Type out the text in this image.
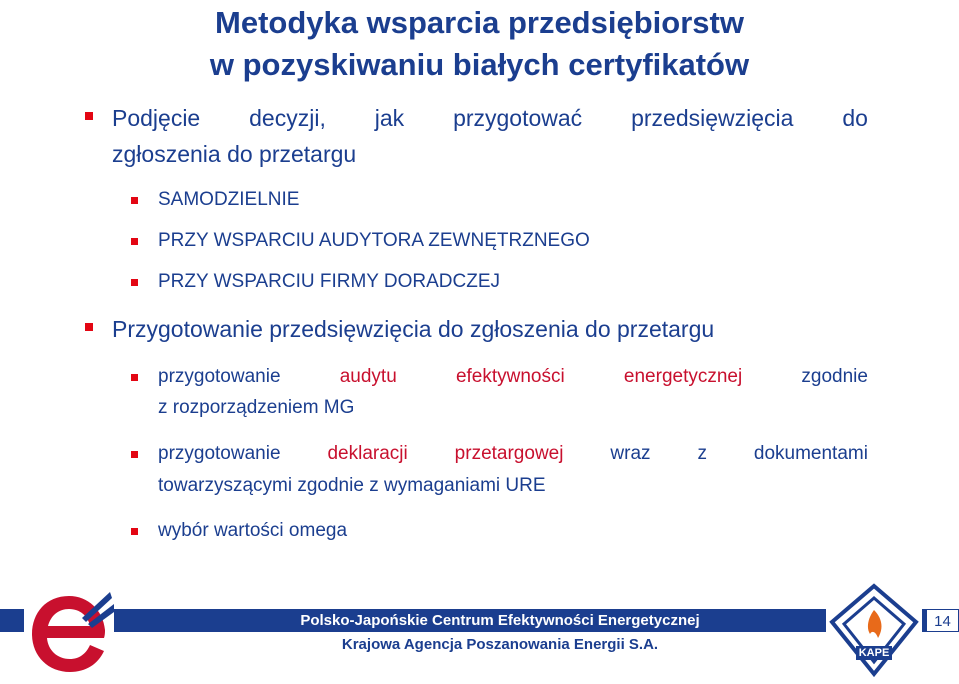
Metodyka wsparcia przedsiębiorstw
w pozyskiwaniu białych certyfikatów
Podjęcie decyzji, jak przygotować przedsięwzięcia do
zgłoszenia do przetargu
SAMODZIELNIE
PRZY WSPARCIU AUDYTORA ZEWNĘTRZNEGO
PRZY WSPARCIU FIRMY DORADCZEJ
Przygotowanie przedsięwzięcia do zgłoszenia do przetargu
przygotowanie	audytu	efektywności	energetycznej	zgodnie
z rozporządzeniem MG
przygotowanie deklaracji przetargowej wraz z dokumentami
towarzyszącymi zgodnie z wymaganiami URE
wybór wartości omega
Polsko-Japońskie Centrum Efektywności Energetycznej
Krajowa Agencja Poszanowania Energii S.A.
14
KAPE
